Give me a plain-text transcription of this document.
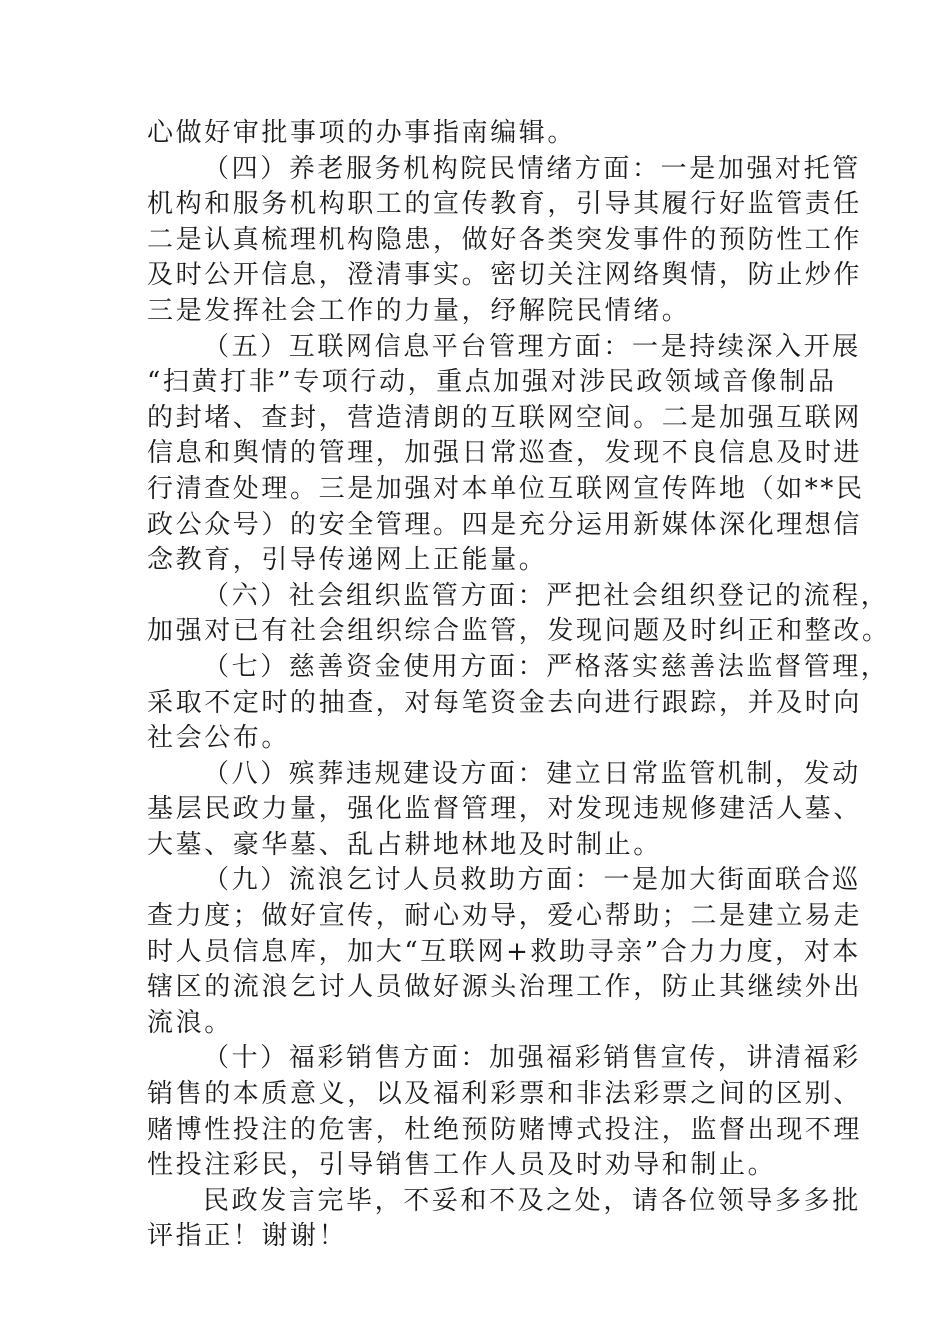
心做好审批事项的办事指南编辑。
（四）养老服务机构院民情绪方面：一是加强对托管
机构和服务机构职工的宣传教育，引导其履行好监管责任
二是认真梳理机构隐患，做好各类突发事件的预防性工作
及时公开信息，澄清事实。密切关注网络舆情，防止炒作
三是发挥社会工作的力量，纾解院民情绪。
（五）互联网信息平台管理方面：一是持续深入开展
“扫黄打非”专项行动，重点加强对涉民政领域音像制品
的封堵、查封，营造清朗的互联网空间。二是加强互联网
信息和舆情的管理，加强日常巡查，发现不良信息及时进
行清查处理。三是加强对本单位互联网宣传阵地（如**民
政公众号）的安全管理。四是充分运用新媒体深化理想信
念教育，引导传递网上正能量。
（六）社会组织监管方面：严把社会组织登记的流程，
加强对已有社会组织综合监管，发现问题及时纠正和整改。
（七）慈善资金使用方面：严格落实慈善法监督管理，
采取不定时的抽查，对每笔资金去向进行跟踪，并及时向
社会公布。
（八）殡葬违规建设方面：建立日常监管机制，发动
基层民政力量，强化监督管理，对发现违规修建活人墓、
大墓、豪华墓、乱占耕地林地及时制止。
（九）流浪乞讨人员救助方面：一是加大街面联合巡
查力度；做好宣传，耐心劝导，爱心帮助；二是建立易走
时人员信息库，加大“互联网+救助寻亲”合力力度，对本
辖区的流浪乞讨人员做好源头治理工作，防止其继续外出
流浪。
（十）福彩销售方面：加强福彩销售宣传，讲清福彩
销售的本质意义，以及福利彩票和非法彩票之间的区别、
赌博性投注的危害，杜绝预防赌博式投注，监督出现不理
性投注彩民，引导销售工作人员及时劝导和制止。
民政发言完毕，不妥和不及之处，请各位领导多多批
评指正！谢谢！
